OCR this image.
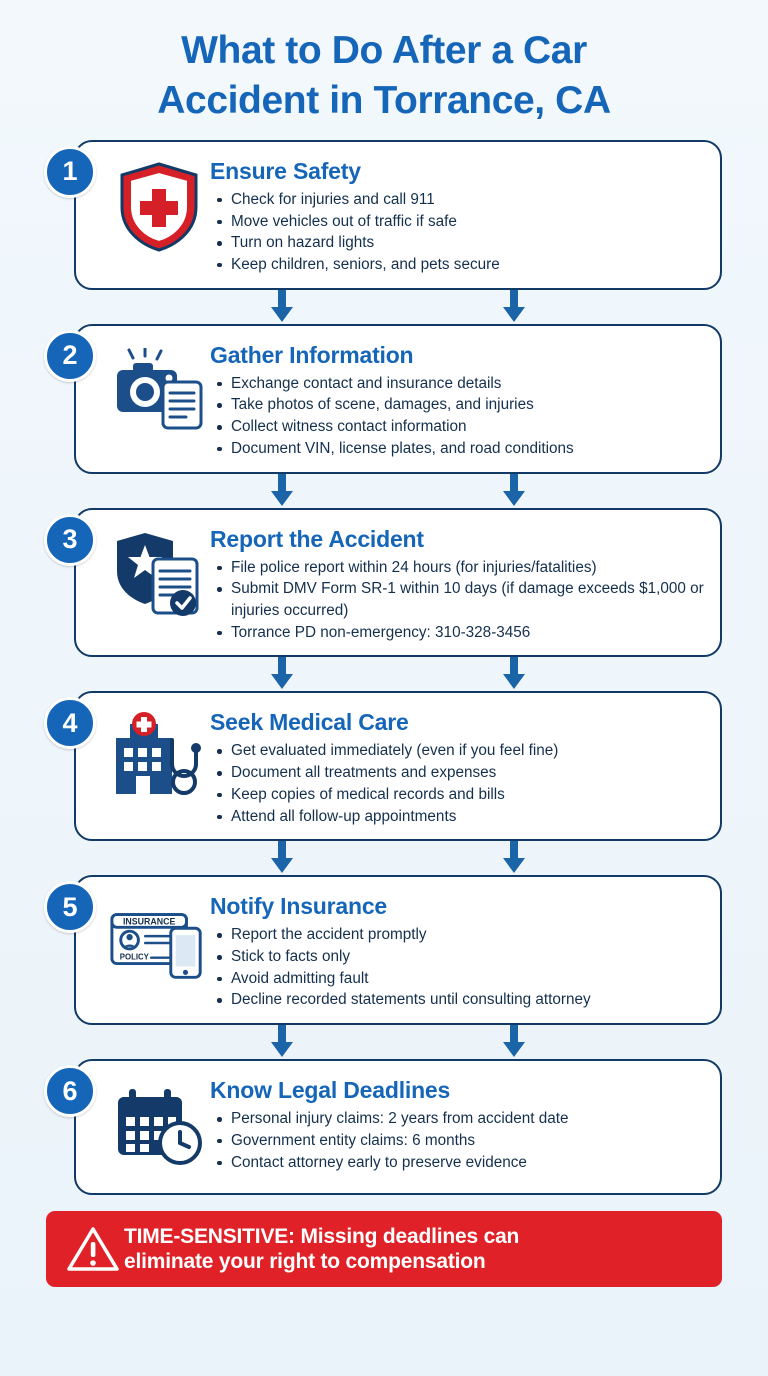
What to Do After a Car
Accident in Torrance, CA
1	Ensure Safety
Check for injuries and call 911
Move vehicles out of traffic if safe
Turn on hazard lights
Keep children, seniors, and pets secure
2	Gather Information
Exchange contact and insurance details
Take photos of scene, damages, and injuries
Collect witness contact information
Document VIN, license plates, and road conditions
3	Report the Accident
File police report within 24 hours (for injuries/fatalities)
Submit DMV Form SR-1 within 10 days (if damage exceeds $1,000 or injuries occurred)
Torrance PD non-emergency: 310-328-3456
4	Seek Medical Care
Get evaluated immediately (even if you feel fine)
Document all treatments and expenses
Keep copies of medical records and bills
Attend all follow-up appointments
5	INSURANCE
POLICY
Notify Insurance
Report the accident promptly
Stick to facts only
Avoid admitting fault
Decline recorded statements until consulting attorney
6	Know Legal Deadlines
Personal injury claims: 2 years from accident date
Government entity claims: 6 months
Contact attorney early to preserve evidence
TIME-SENSITIVE: Missing deadlines can
eliminate your right to compensation
